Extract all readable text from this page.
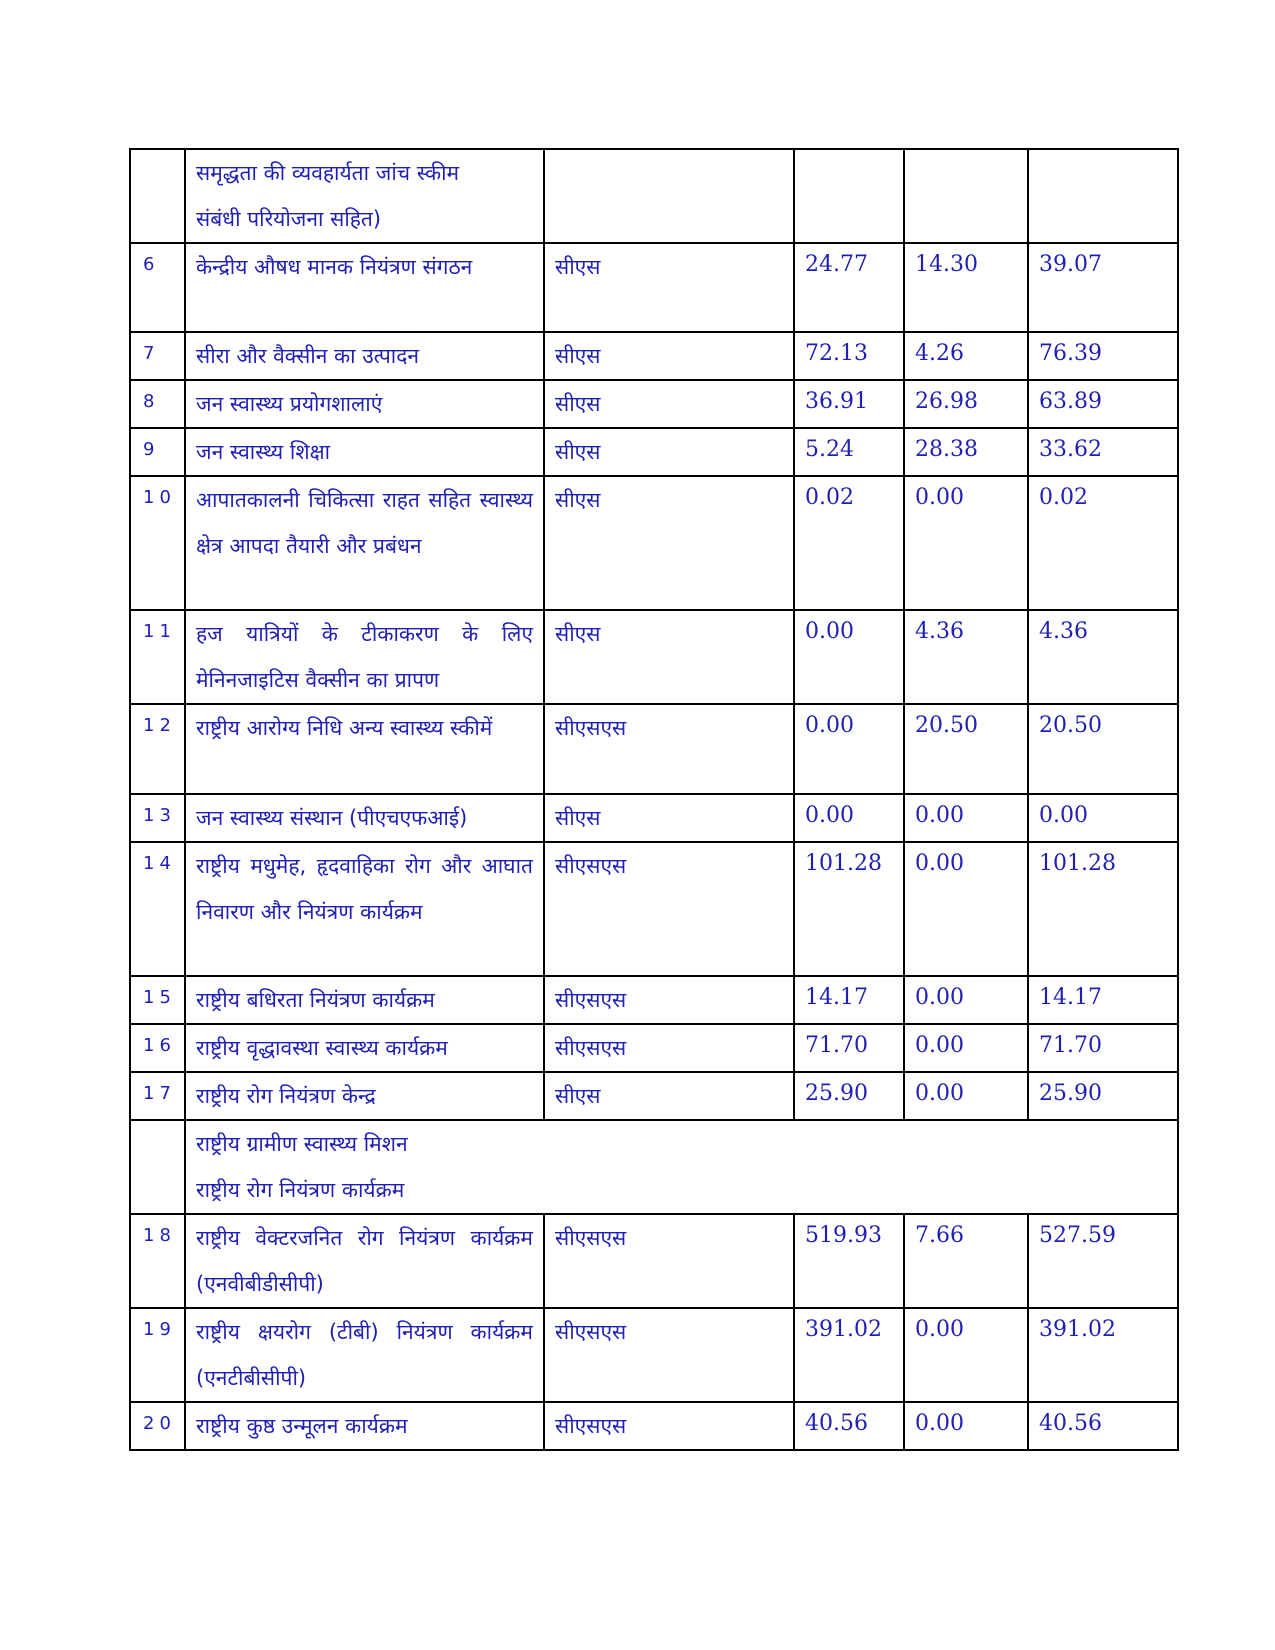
	समृद्धता की व्यवहार्यता जांच स्कीम
संबंधी परियोजना सहित)				

6	केन्द्रीय औषध मानक नियंत्रण संगठन	सीएस	24.77	14.30	39.07
7	सीरा और वैक्सीन का उत्पादन	सीएस	72.13	4.26	76.39
8	जन स्वास्थ्य प्रयोगशालाएं	सीएस	36.91	26.98	63.89
9	जन स्वास्थ्य शिक्षा	सीएस	5.24	28.38	33.62
10	आपातकालनी चिकित्सा राहत सहित स्वास्थ्य क्षेत्र आपदा तैयारी और प्रबंधन	सीएस	0.02	0.00	0.02
11	हज यात्रियों के टीकाकरण के लिए मेनिनजाइटिस वैक्सीन का प्रापण	सीएस	0.00	4.36	4.36
12	राष्ट्रीय आरोग्य निधि अन्य स्वास्थ्य स्कीमें	सीएसएस	0.00	20.50	20.50
13	जन स्वास्थ्य संस्थान (पीएचएफआई)	सीएस	0.00	0.00	0.00
14	राष्ट्रीय मधुमेह, हृदवाहिका रोग और आघात निवारण और नियंत्रण कार्यक्रम	सीएसएस	101.28	0.00	101.28
15	राष्ट्रीय बधिरता नियंत्रण कार्यक्रम	सीएसएस	14.17	0.00	14.17
16	राष्ट्रीय वृद्धावस्था स्वास्थ्य कार्यक्रम	सीएसएस	71.70	0.00	71.70
17	राष्ट्रीय रोग नियंत्रण केन्द्र	सीएस	25.90	0.00	25.90

	राष्ट्रीय ग्रामीण स्वास्थ्य मिशन
राष्ट्रीय रोग नियंत्रण कार्यक्रम				

18	राष्ट्रीय वेक्टरजनित रोग नियंत्रण कार्यक्रम (एनवीबीडीसीपी)	सीएसएस	519.93	7.66	527.59
19	राष्ट्रीय क्षयरोग (टीबी) नियंत्रण कार्यक्रम (एनटीबीसीपी)	सीएसएस	391.02	0.00	391.02
20	राष्ट्रीय कुष्ठ उन्मूलन कार्यक्रम	सीएसएस	40.56	0.00	40.56
